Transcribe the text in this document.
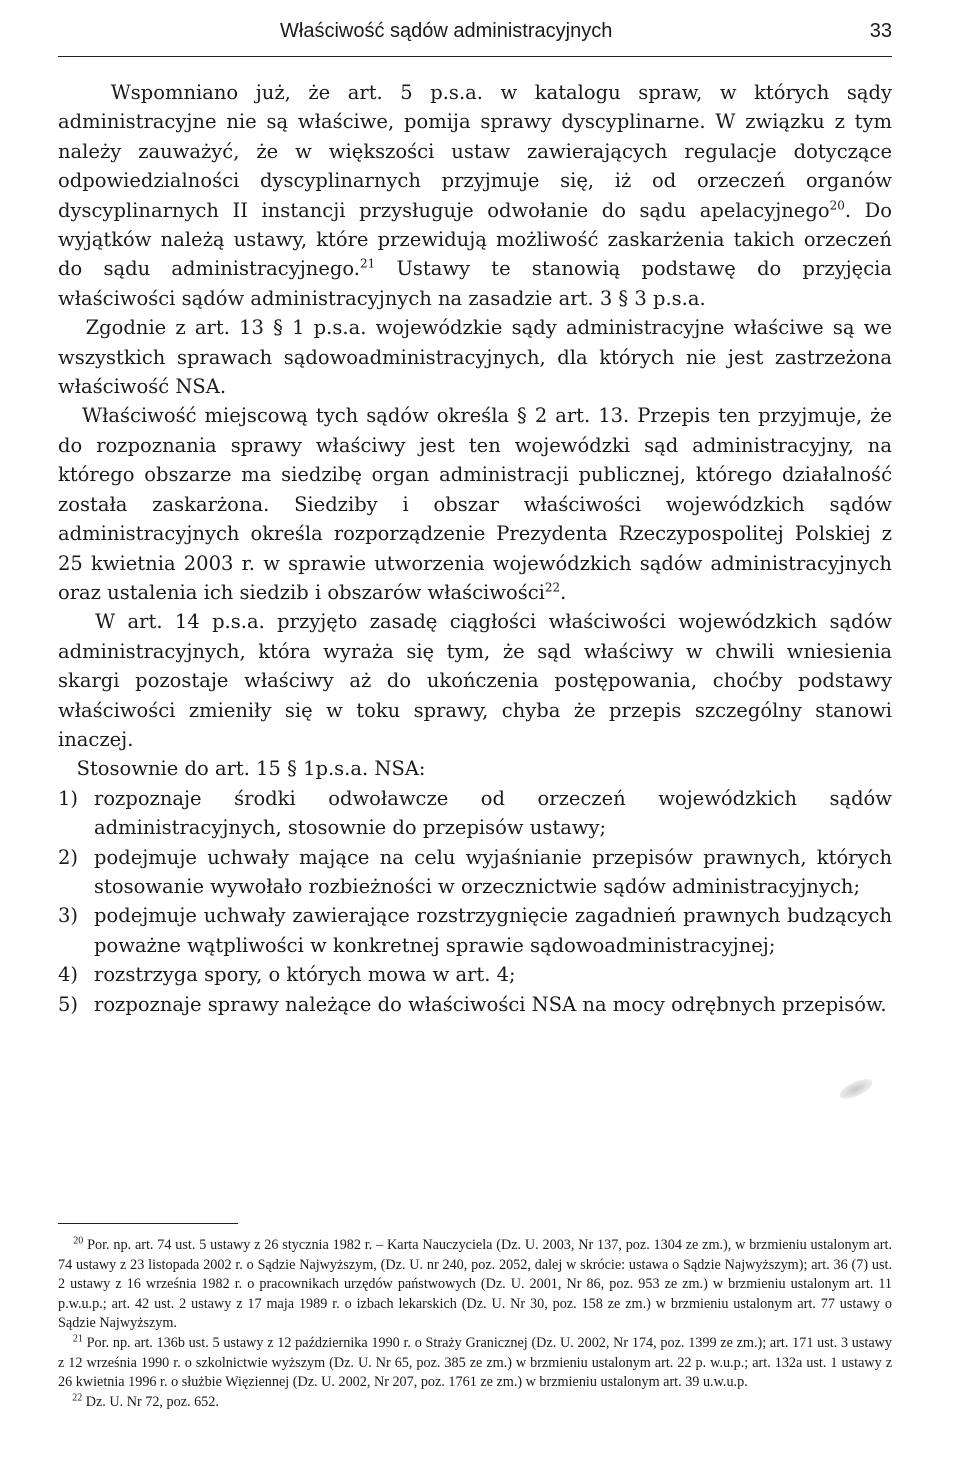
Właściwość sądów administracyjnych	33

Wspomniano już, że art. 5 p.s.a. w katalogu spraw, w których sądy administracyjne nie są właściwe, pomija sprawy dyscyplinarne. W związku z tym należy zauważyć, że w większości ustaw zawierających regulacje dotyczące odpowiedzialności dyscyplinarnych przyjmuje się, iż od orzeczeń organów dyscyplinarnych II instancji przysługuje odwołanie do sądu apelacyjnego$^{20}$. Do wyjątków należą ustawy, które przewidują możliwość zaskarżenia takich orzeczeń do sądu administracyjnego.$^{21}$ Ustawy te stanowią podstawę do przyjęcia właściwości sądów administracyjnych na zasadzie art. 3 § 3 p.s.a.

Zgodnie z art. 13 § 1 p.s.a. wojewódzkie sądy administracyjne właściwe są we wszystkich sprawach sądowoadministracyjnych, dla których nie jest zastrzeżona właściwość NSA.

Właściwość miejscową tych sądów określa § 2 art. 13. Przepis ten przyjmuje, że do rozpoznania sprawy właściwy jest ten wojewódzki sąd administracyjny, na którego obszarze ma siedzibę organ administracji publicznej, którego działalność została zaskarżona. Siedziby i obszar właściwości wojewódzkich sądów administracyjnych określa rozporządzenie Prezydenta Rzeczypospolitej Polskiej z 25 kwietnia 2003 r. w sprawie utworzenia wojewódzkich sądów administracyjnych oraz ustalenia ich siedzib i obszarów właściwości$^{22}$.

W art. 14 p.s.a. przyjęto zasadę ciągłości właściwości wojewódzkich sądów administracyjnych, która wyraża się tym, że sąd właściwy w chwili wniesienia skargi pozostaje właściwy aż do ukończenia postępowania, choćby podstawy właściwości zmieniły się w toku sprawy, chyba że przepis szczególny stanowi inaczej.

Stosownie do art. 15 § 1p.s.a. NSA:

1) rozpoznaje środki odwoławcze od orzeczeń wojewódzkich sądów administracyjnych, stosownie do przepisów ustawy;
2) podejmuje uchwały mające na celu wyjaśnianie przepisów prawnych, których stosowanie wywołało rozbieżności w orzecznictwie sądów administracyjnych;
3) podejmuje uchwały zawierające rozstrzygnięcie zagadnień prawnych budzących poważne wątpliwości w konkretnej sprawie sądowoadministracyjnej;
4) rozstrzyga spory, o których mowa w art. 4;
5) rozpoznaje sprawy należące do właściwości NSA na mocy odrębnych przepisów.

$^{20}$ Por. np. art. 74 ust. 5 ustawy z 26 stycznia 1982 r. – Karta Nauczyciela (Dz. U. 2003, Nr 137, poz. 1304 ze zm.), w brzmieniu ustalonym art. 74 ustawy z 23 listopada 2002 r. o Sądzie Najwyższym, (Dz. U. nr 240, poz. 2052, dalej w skrócie: ustawa o Sądzie Najwyższym); art. 36 (7) ust. 2 ustawy z 16 września 1982 r. o pracownikach urzędów państwowych (Dz. U. 2001, Nr 86, poz. 953 ze zm.) w brzmieniu ustalonym art. 11 p.w.u.p.; art. 42 ust. 2 ustawy z 17 maja 1989 r. o izbach lekarskich (Dz. U. Nr 30, poz. 158 ze zm.) w brzmieniu ustalonym art. 77 ustawy o Sądzie Najwyższym.

$^{21}$ Por. np. art. 136b ust. 5 ustawy z 12 października 1990 r. o Straży Granicznej (Dz. U. 2002, Nr 174, poz. 1399 ze zm.); art. 171 ust. 3 ustawy z 12 września 1990 r. o szkolnictwie wyższym (Dz. U. Nr 65, poz. 385 ze zm.) w brzmieniu ustalonym art. 22 p. w.u.p.; art. 132a ust. 1 ustawy z 26 kwietnia 1996 r. o służbie Więziennej (Dz. U. 2002, Nr 207, poz. 1761 ze zm.) w brzmieniu ustalonym art. 39 u.w.u.p.

$^{22}$ Dz. U. Nr 72, poz. 652.
